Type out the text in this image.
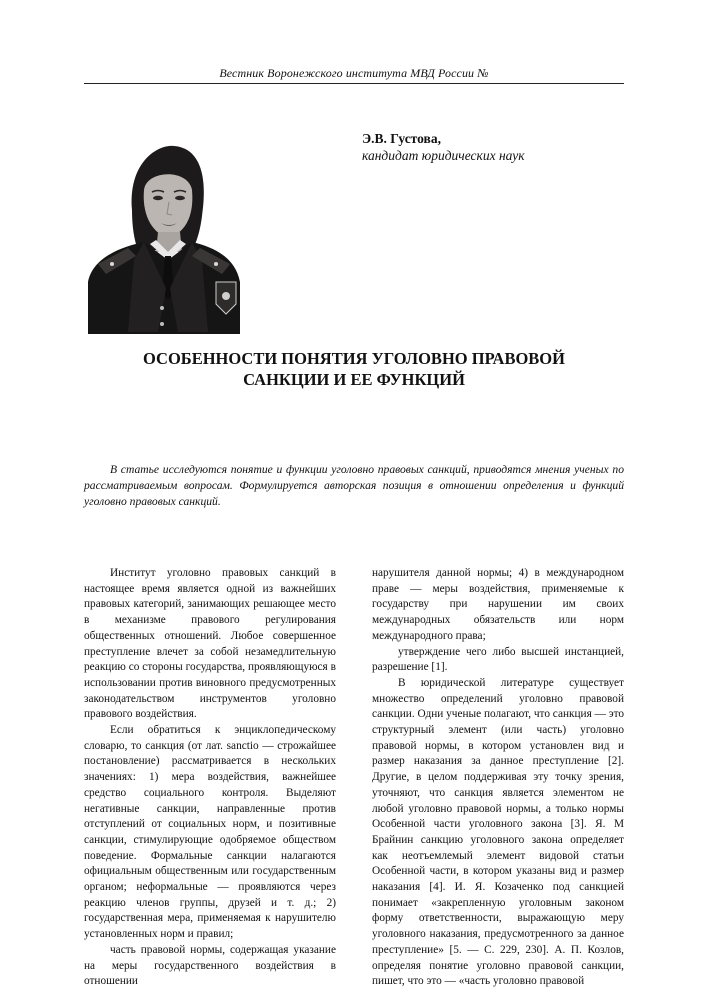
Вестник Воронежского института МВД России №
Э.В. Густова,
кандидат юридических наук
ОСОБЕННОСТИ ПОНЯТИЯ УГОЛОВНО ПРАВОВОЙ
САНКЦИИ И ЕЕ ФУНКЦИЙ
В статье исследуются понятие и функции уголовно правовых санкций, приводятся мнения ученых по рассматриваемым вопросам. Формулируется авторская позиция в отношении определения и функций уголовно правовых санкций.

Институт уголовно правовых санкций в настоящее время является одной из важнейших правовых категорий, занимающих решающее место в механизме правового регулирования общественных отношений. Любое совершенное преступление влечет за собой незамедлительную реакцию со стороны государства, проявляющуюся в использовании против виновного предусмотренных законодательством инструментов уголовно правового воздействия.

Если обратиться к энциклопедическому словарю, то санкция (от лат. sanctio — строжайшее постановление) рассматривается в нескольких значениях: 1) мера воздействия, важнейшее средство социального контроля. Выделяют негативные санкции, направленные против отступлений от социальных норм, и позитивные санкции, стимулирующие одобряемое обществом поведение. Формальные санкции налагаются официальным общественным или государственным органом; неформальные — проявляются через реакцию членов группы, друзей и т. д.; 2) государственная мера, применяемая к нарушителю установленных норм и правил;

часть правовой нормы, содержащая указание на меры государственного воздействия в отношении

нарушителя данной нормы; 4) в международном праве — меры воздействия, применяемые к государству при нарушении им своих международных обязательств или норм международного права;

утверждение чего либо высшей инстанцией, разрешение [1].

В юридической литературе существует множество определений уголовно правовой санкции. Одни ученые полагают, что санкция — это структурный элемент (или часть) уголовно правовой нормы, в котором установлен вид и размер наказания за данное преступление [2]. Другие, в целом поддерживая эту точку зрения, уточняют, что санкция является элементом не любой уголовно правовой нормы, а только нормы Особенной части уголовного закона [3]. Я. М Брайнин санкцию уголовного закона определяет как неотъемлемый элемент видовой статьи Особенной части, в котором указаны вид и размер наказания [4]. И. Я. Козаченко под санкцией понимает «закрепленную уголовным законом форму ответственности, выражающую меру уголовного наказания, предусмотренного за данное преступление» [5. — С. 229, 230]. А. П. Козлов, определяя понятие уголовно правовой санкции, пишет, что это — «часть уголовно правовой
